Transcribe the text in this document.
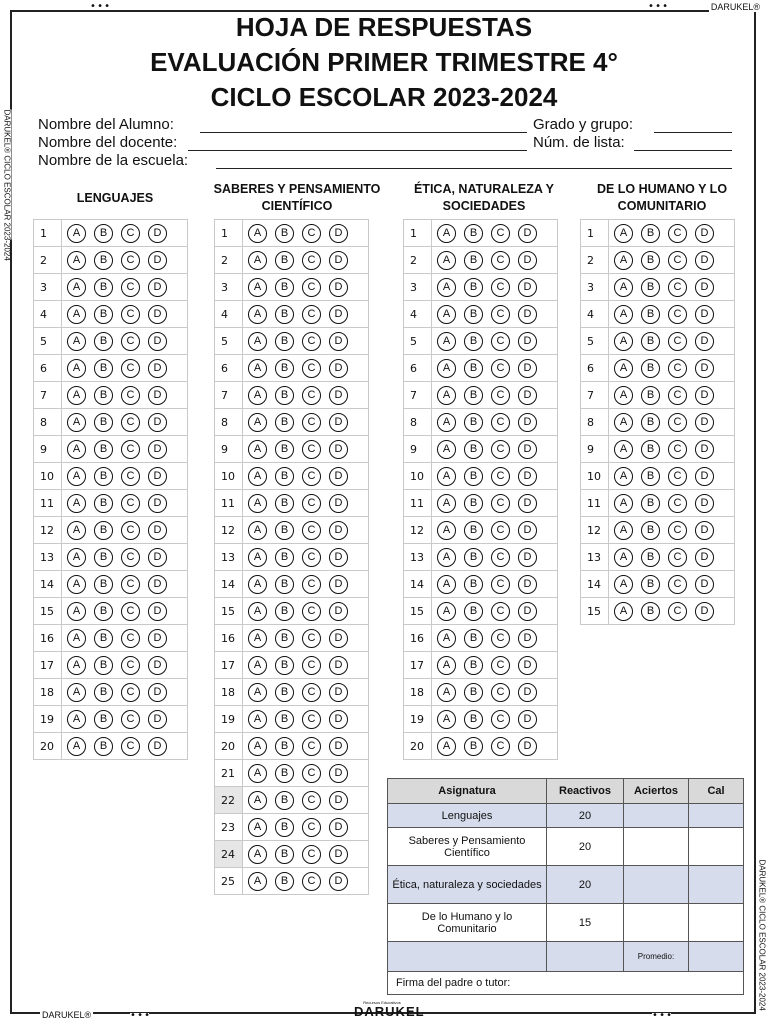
• • •	• • •
• • •	• • •
DARUKEL®
DARUKEL®
DARUKEL® CICLO ESCOLAR 2023-2024
DARUKEL® CICLO ESCOLAR 2023-2024
HOJA DE RESPUESTAS
EVALUACIÓN PRIMER TRIMESTRE 4°
CICLO ESCOLAR 2023-2024
Nombre del Alumno:	Grado y grupo:
Nombre del docente:	Núm. de lista:
Nombre de la escuela:
LENGUAJES
SABERES Y PENSAMIENTO CIENTÍFICO
ÉTICA, NATURALEZA Y SOCIEDADES
DE LO HUMANO Y LO COMUNITARIO
1	A B C D
2	A B C D
3	A B C D
4	A B C D
5	A B C D
6	A B C D
7	A B C D
8	A B C D
9	A B C D
10	A B C D
11	A B C D
12	A B C D
13	A B C D
14	A B C D
15	A B C D
16	A B C D
17	A B C D
18	A B C D
19	A B C D
20	A B C D
1	A B C D
2	A B C D
3	A B C D
4	A B C D
5	A B C D
6	A B C D
7	A B C D
8	A B C D
9	A B C D
10	A B C D
11	A B C D
12	A B C D
13	A B C D
14	A B C D
15	A B C D
16	A B C D
17	A B C D
18	A B C D
19	A B C D
20	A B C D
21	A B C D
22	A B C D
23	A B C D
24	A B C D
25	A B C D
1	A B C D
2	A B C D
3	A B C D
4	A B C D
5	A B C D
6	A B C D
7	A B C D
8	A B C D
9	A B C D
10	A B C D
11	A B C D
12	A B C D
13	A B C D
14	A B C D
15	A B C D
16	A B C D
17	A B C D
18	A B C D
19	A B C D
20	A B C D
1	A B C D
2	A B C D
3	A B C D
4	A B C D
5	A B C D
6	A B C D
7	A B C D
8	A B C D
9	A B C D
10	A B C D
11	A B C D
12	A B C D
13	A B C D
14	A B C D
15	A B C D
Asignatura	Reactivos	Aciertos	Cal
Lenguajes	20		
Saberes y Pensamiento Científico	20		
Ética, naturaleza y sociedades	20		
De lo Humano y lo Comunitario	15		
		Promedio:	
Firma del padre o tutor:			
Recursos Educativos
DARUKEL
